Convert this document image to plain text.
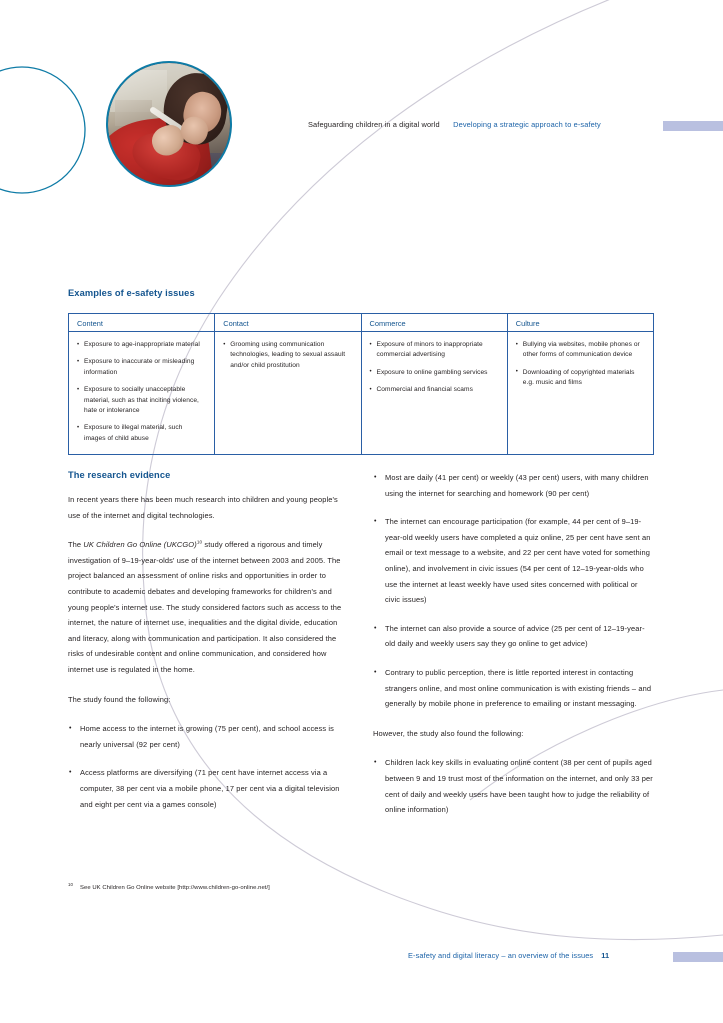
Safeguarding children in a digital world Developing a strategic approach to e-safety
Examples of e-safety issues
Content
• Exposure to age-inappropriate material
• Exposure to inaccurate or misleading information
• Exposure to socially unacceptable material, such as that inciting violence, hate or intolerance
• Exposure to illegal material, such images of child abuse
Contact
• Grooming using communication technologies, leading to sexual assault and/or child prostitution
Commerce
• Exposure of minors to inappropriate commercial advertising
• Exposure to online gambling services
• Commercial and financial scams
Culture
• Bullying via websites, mobile phones or other forms of communication device
• Downloading of copyrighted materials e.g. music and films
The research evidence

In recent years there has been much research into children and young people's use of the internet and digital technologies.

The UK Children Go Online (UKCGO)$^{10}$ study offered a rigorous and timely investigation of 9–19-year-olds' use of the internet between 2003 and 2005. The project balanced an assessment of online risks and opportunities in order to contribute to academic debates and developing frameworks for children's and young people's internet use. The study considered factors such as access to the internet, the nature of internet use, inequalities and the digital divide, education and literacy, along with communication and participation. It also considered the risks of undesirable content and online communication, and considered how internet use is regulated in the home.

The study found the following:

• Home access to the internet is growing (75 per cent), and school access is nearly universal (92 per cent)
• Access platforms are diversifying (71 per cent have internet access via a computer, 38 per cent via a mobile phone, 17 per cent via a digital television and eight per cent via a games console)
• Most are daily (41 per cent) or weekly (43 per cent) users, with many children using the internet for searching and homework (90 per cent)
• The internet can encourage participation (for example, 44 per cent of 9–19-year-old weekly users have completed a quiz online, 25 per cent have sent an email or text message to a website, and 22 per cent have voted for something online), and involvement in civic issues (54 per cent of 12–19-year-olds who use the internet at least weekly have used sites concerned with political or civic issues)
• The internet can also provide a source of advice (25 per cent of 12–19-year-old daily and weekly users say they go online to get advice)
• Contrary to public perception, there is little reported interest in contacting strangers online, and most online communication is with existing friends – and generally by mobile phone in preference to emailing or instant messaging.

However, the study also found the following:

• Children lack key skills in evaluating online content (38 per cent of pupils aged between 9 and 19 trust most of the information on the internet, and only 33 per cent of daily and weekly users have been taught how to judge the reliability of online information)
$^{10}$See UK Children Go Online website [http://www.children-go-online.net/]
E-safety and digital literacy – an overview of the issues 11
